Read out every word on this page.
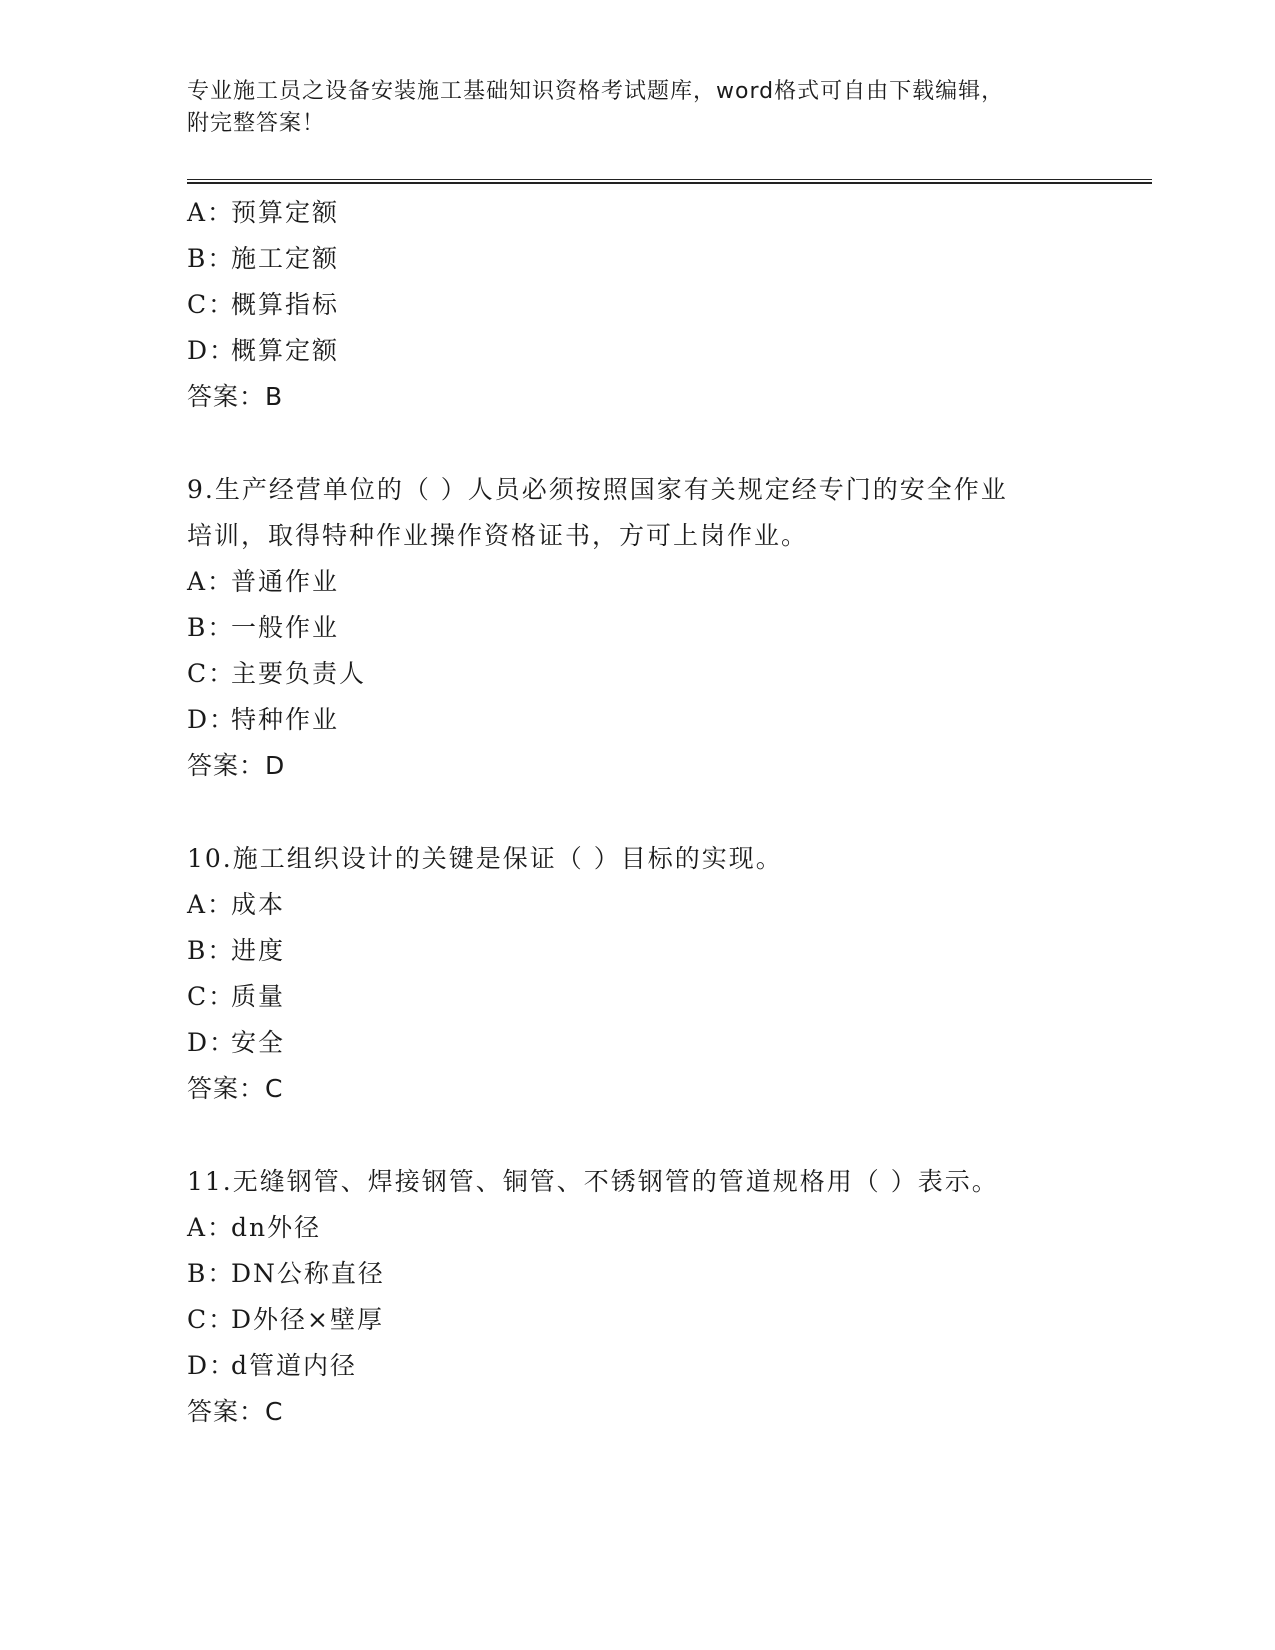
专业施工员之设备安装施工基础知识资格考试题库，word格式可自由下载编辑，
附完整答案！
A：预算定额
B：施工定额
C：概算指标
D：概算定额
答案：B
9.生产经营单位的（ ）人员必须按照国家有关规定经专门的安全作业
培训，取得特种作业操作资格证书，方可上岗作业。
A：普通作业
B：一般作业
C：主要负责人
D：特种作业
答案：D
10.施工组织设计的关键是保证（ ）目标的实现。
A：成本
B：进度
C：质量
D：安全
答案：C
11.无缝钢管、焊接钢管、铜管、不锈钢管的管道规格用（ ）表示。
A：dn外径
B：DN公称直径
C：D外径×壁厚
D：d管道内径
答案：C
